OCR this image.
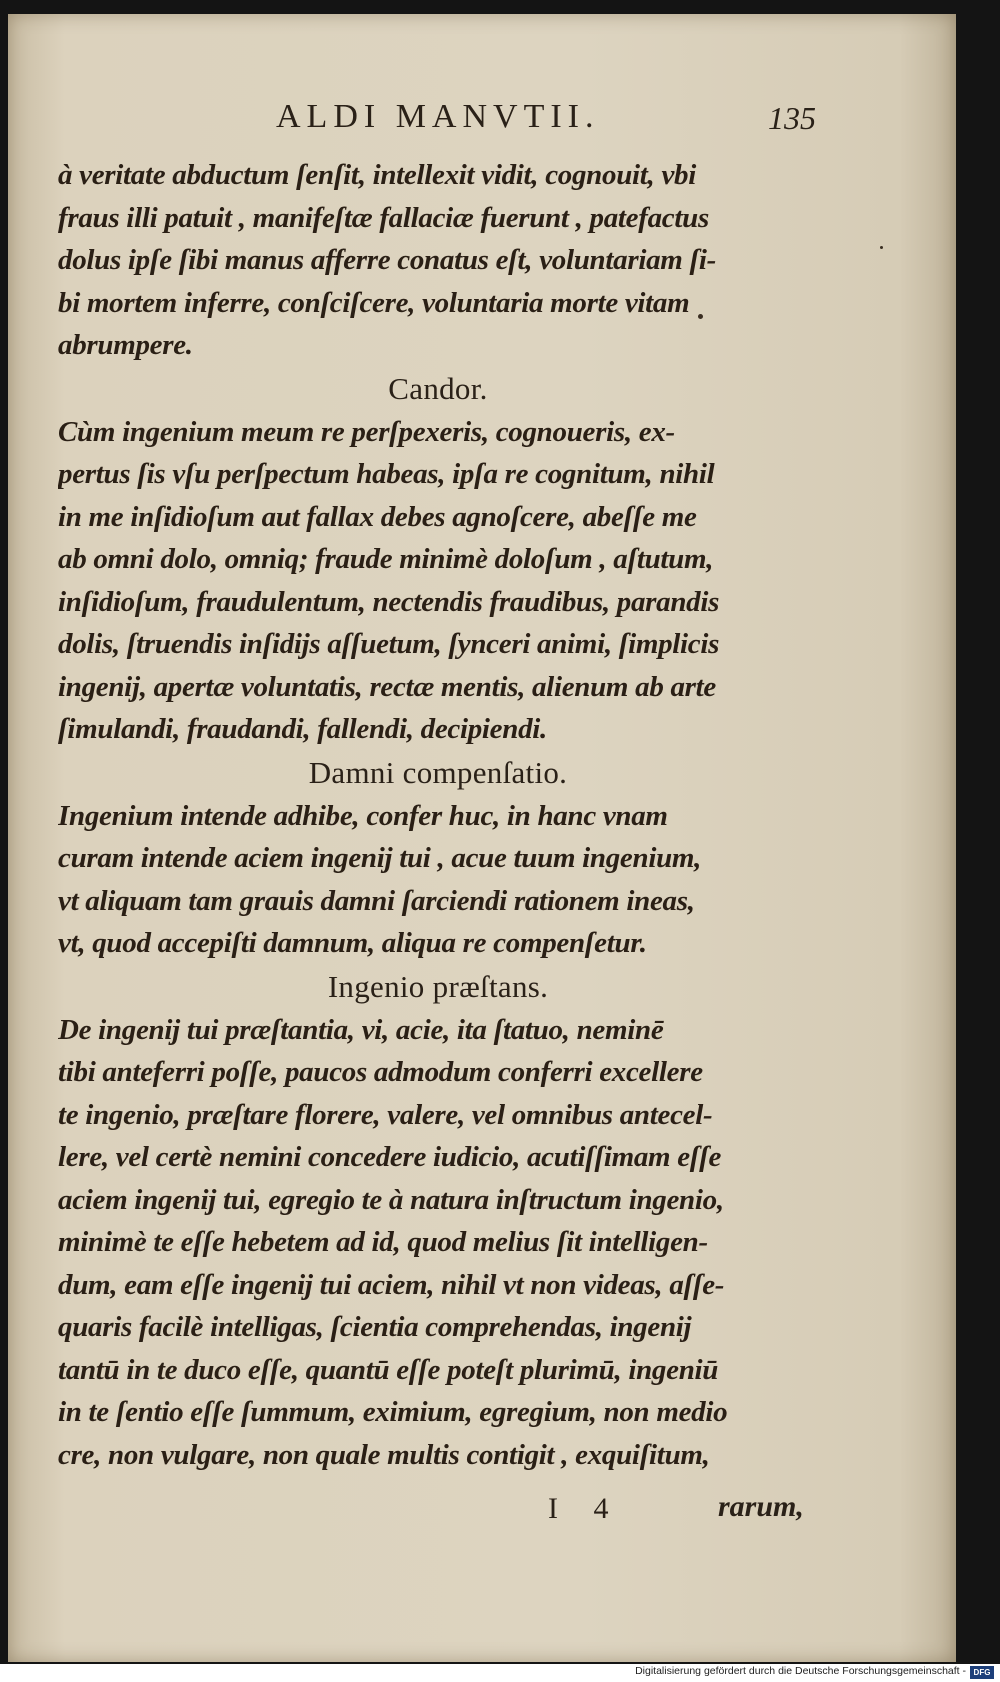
ALDI MANVTII.	135
à veritate abductum ſenſit, intellexit vidit, cognouit, vbi
fraus illi patuit , manifeſtæ fallaciæ fuerunt , patefactus
dolus ipſe ſibi manus afferre conatus eſt, voluntariam ſi-
bi mortem inferre, conſciſcere, voluntaria morte vitam
abrumpere.
Candor.
Cùm ingenium meum re perſpexeris, cognoueris, ex-
pertus ſis vſu perſpectum habeas, ipſa re cognitum, nihil
in me inſidioſum aut fallax debes agnoſcere, abeſſe me
ab omni dolo, omniq; fraude minimè doloſum , aſtutum,
inſidioſum, fraudulentum, nectendis fraudibus, parandis
dolis, ſtruendis inſidijs aſſuetum, ſynceri animi, ſimplicis
ingenij, apertæ voluntatis, rectæ mentis, alienum ab arte
ſimulandi, fraudandi, fallendi, decipiendi.
Damni compenſatio.
Ingenium intende adhibe, confer huc, in hanc vnam
curam intende aciem ingenij tui , acue tuum ingenium,
vt aliquam tam grauis damni ſarciendi rationem ineas,
vt, quod accepiſti damnum, aliqua re compenſetur.
Ingenio præſtans.
De ingenij tui præſtantia, vi, acie, ita ſtatuo, neminē
tibi anteferri poſſe, paucos admodum conferri excellere
te ingenio, præſtare florere, valere, vel omnibus antecel-
lere, vel certè nemini concedere iudicio, acutiſſimam eſſe
aciem ingenij tui, egregio te à natura inſtructum ingenio,
minimè te eſſe hebetem ad id, quod melius ſit intelligen-
dum, eam eſſe ingenij tui aciem, nihil vt non videas, aſſe-
quaris facilè intelligas, ſcientia comprehendas, ingenij
tantū in te duco eſſe, quantū eſſe poteſt plurimū, ingeniū
in te ſentio eſſe ſummum, eximium, egregium, non medio
cre, non vulgare, non quale multis contigit , exquiſitum,
I 4	rarum,
Digitalisierung gefördert durch die Deutsche Forschungsgemeinschaft - DFG
